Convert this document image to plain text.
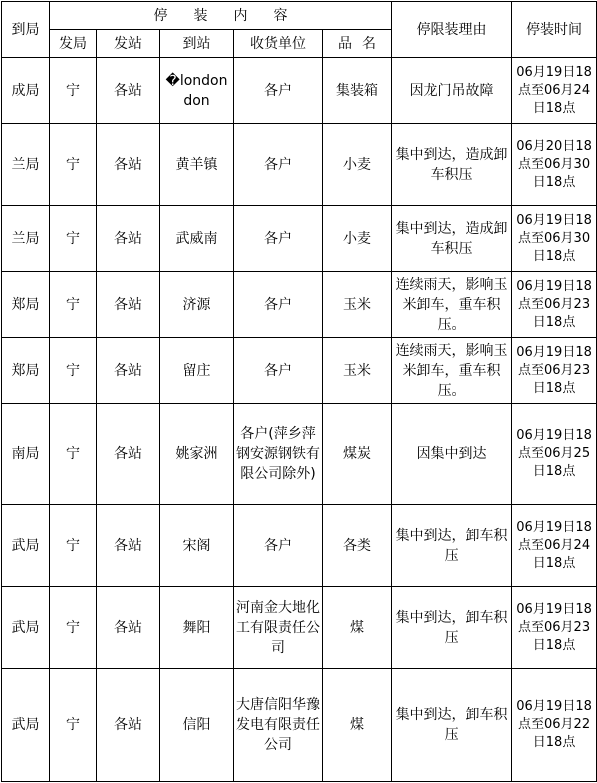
到局	停装内容					停限装理由	停装时间
	发局	发站	到站	收货单位	品名		
成局	宁	各站	�londondon	各户	集装箱	因龙门吊故障	06月19日18点至06月24日18点
兰局	宁	各站	黄羊镇	各户	小麦	集中到达，造成卸车积压	06月20日18点至06月30日18点
兰局	宁	各站	武威南	各户	小麦	集中到达，造成卸车积压	06月19日18点至06月30日18点
郑局	宁	各站	济源	各户	玉米	连续雨天，影响玉米卸车，重车积压。	06月19日18点至06月23日18点
郑局	宁	各站	留庄	各户	玉米	连续雨天，影响玉米卸车，重车积压。	06月19日18点至06月23日18点
南局	宁	各站	姚家洲	各户(萍乡萍钢安源钢铁有限公司除外)	煤炭	因集中到达	06月19日18点至06月25日18点
武局	宁	各站	宋阁	各户	各类	集中到达，卸车积压	06月19日18点至06月24日18点
武局	宁	各站	舞阳	河南金大地化工有限责任公司	煤	集中到达，卸车积压	06月19日18点至06月23日18点
武局	宁	各站	信阳	大唐信阳华豫发电有限责任公司	煤	集中到达，卸车积压	06月19日18点至06月22日18点
